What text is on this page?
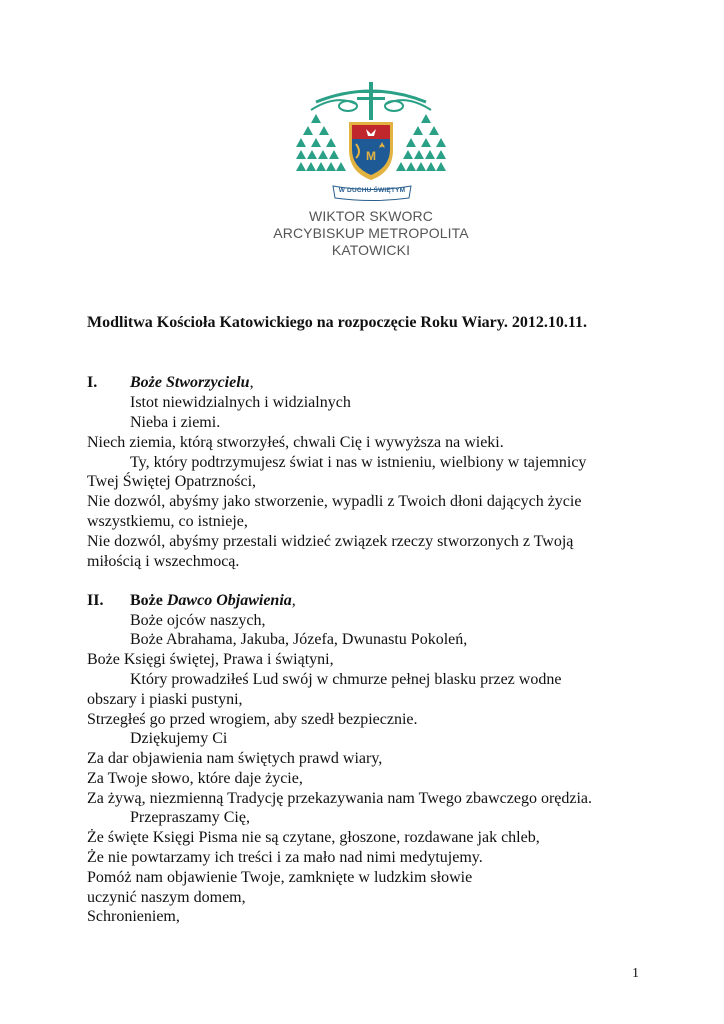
M
W DUCHU ŚWIĘTYM
WIKTOR SKWORC
ARCYBISKUP METROPOLITA
KATOWICKI
Modlitwa Kościoła Katowickiego na rozpoczęcie Roku Wiary. 2012.10.11.
I. Boże Stworzycielu,
Istot niewidzialnych i widzialnych
Nieba i ziemi.
Niech ziemia, którą stworzyłeś, chwali Cię i wywyższa na wieki.
Ty, który podtrzymujesz świat i nas w istnieniu, wielbiony w tajemnicy
Twej Świętej Opatrzności,
Nie dozwól, abyśmy jako stworzenie, wypadli z Twoich dłoni dających życie
wszystkiemu, co istnieje,
Nie dozwól, abyśmy przestali widzieć związek rzeczy stworzonych z Twoją
miłością i wszechmocą.
II. Boże Dawco Objawienia,
Boże ojców naszych,
Boże Abrahama, Jakuba, Józefa, Dwunastu Pokoleń,
Boże Księgi świętej, Prawa i świątyni,
Który prowadziłeś Lud swój w chmurze pełnej blasku przez wodne
obszary i piaski pustyni,
Strzegłeś go przed wrogiem, aby szedł bezpiecznie.
Dziękujemy Ci
Za dar objawienia nam świętych prawd wiary,
Za Twoje słowo, które daje życie,
Za żywą, niezmienną Tradycję przekazywania nam Twego zbawczego orędzia.
Przepraszamy Cię,
Że święte Księgi Pisma nie są czytane, głoszone, rozdawane jak chleb,
Że nie powtarzamy ich treści i za mało nad nimi medytujemy.
Pomóż nam objawienie Twoje, zamknięte w ludzkim słowie
uczynić naszym domem,
Schronieniem,
1
